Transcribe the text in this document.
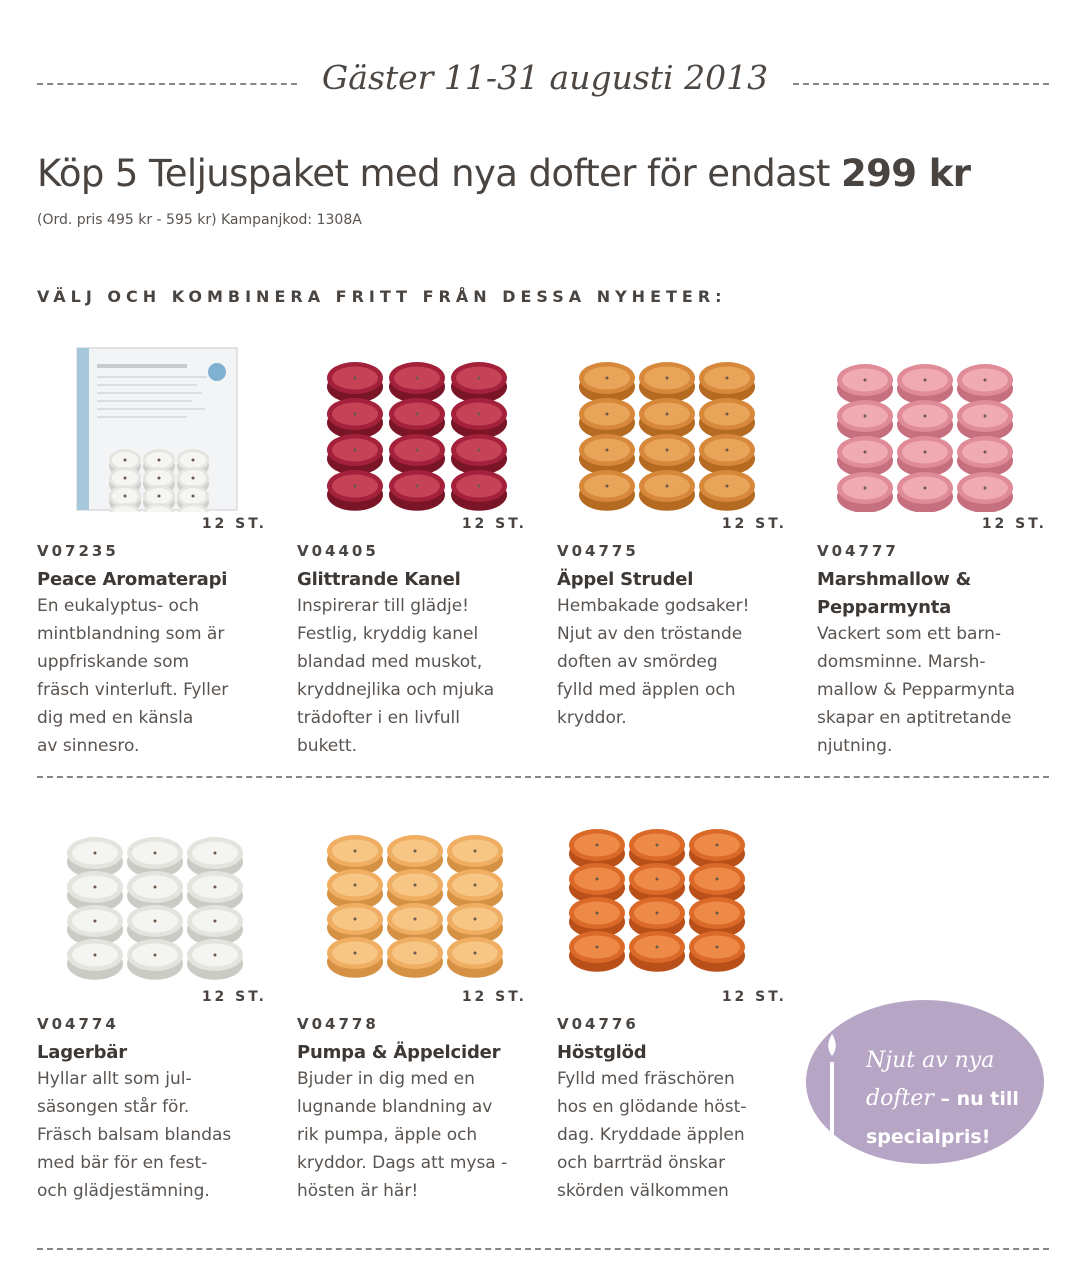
Gäster 11-31 augusti 2013
Köp 5 Teljuspaket med nya dofter för endast 299 kr
(Ord. pris 495 kr - 595 kr) Kampanjkod: 1308A
VÄLJ OCH KOMBINERA FRITT FRÅN DESSA NYHETER:
12 ST.
V07235
Peace Aromaterapi
En eukalyptus- och
mintblandning som är
uppfriskande som
fräsch vinterluft. Fyller
dig med en känsla
av sinnesro.
12 ST.
V04405
Glittrande Kanel
Inspirerar till glädje!
Festlig, kryddig kanel
blandad med muskot,
kryddnejlika och mjuka
trädofter i en livfull
bukett.
12 ST.
V04775
Äppel Strudel
Hembakade godsaker!
Njut av den tröstande
doften av smördeg
fylld med äpplen och
kryddor.
12 ST.
V04777
Marshmallow & Pepparmynta
Vackert som ett barn-
domsminne. Marsh-
mallow & Pepparmynta
skapar en aptitretande
njutning.
12 ST.
V04774
Lagerbär
Hyllar allt som jul-
säsongen står för.
Fräsch balsam blandas
med bär för en fest-
och glädjestämning.
12 ST.
V04778
Pumpa & Äppelcider
Bjuder in dig med en
lugnande blandning av
rik pumpa, äpple och
kryddor. Dags att mysa -
hösten är här!
12 ST.
V04776
Höstglöd
Fylld med fräschören
hos en glödande höst-
dag. Kryddade äpplen
och barrträd önskar
skörden välkommen
Njut av nya
dofter – nu till
specialpris!
